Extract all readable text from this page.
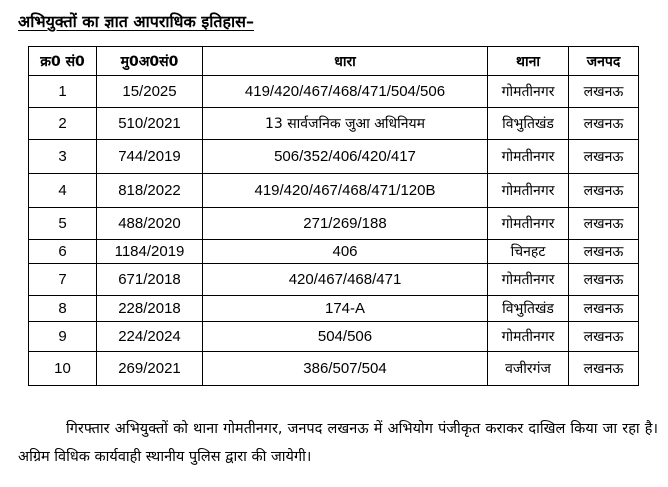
अभियुक्तों का ज्ञात आपराधिक इतिहास–
क्र0 सं0	मु0अ0सं0	धारा	थाना	जनपद
1	15/2025	419/420/467/468/471/504/506	गोमतीनगर	लखनऊ
2	510/2021	13 सार्वजनिक जुआ अधिनियम	विभुतिखंड	लखनऊ
3	744/2019	506/352/406/420/417	गोमतीनगर	लखनऊ
4	818/2022	419/420/467/468/471/120B	गोमतीनगर	लखनऊ
5	488/2020	271/269/188	गोमतीनगर	लखनऊ
6	1184/2019	406	चिनहट	लखनऊ
7	671/2018	420/467/468/471	गोमतीनगर	लखनऊ
8	228/2018	174-A	विभुतिखंड	लखनऊ
9	224/2024	504/506	गोमतीनगर	लखनऊ
10	269/2021	386/507/504	वजीरगंज	लखनऊ

गिरफ्तार अभियुक्तों को थाना गोमतीनगर, जनपद लखनऊ में अभियोग पंजीकृत कराकर दाखिल किया जा रहा है। अग्रिम विधिक कार्यवाही स्थानीय पुलिस द्वारा की जायेगी।
